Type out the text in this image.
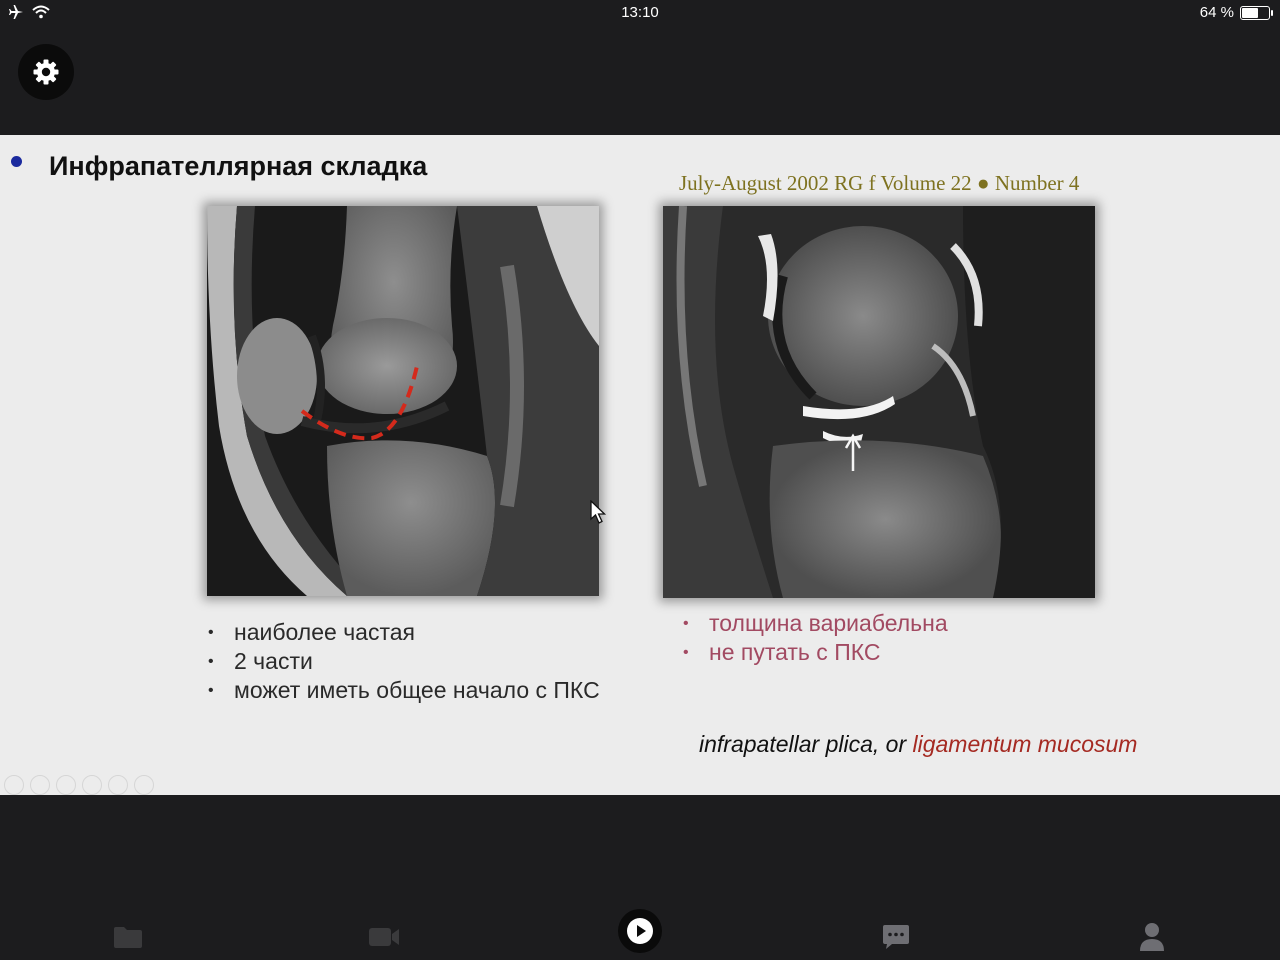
13:10	64 %
Инфрапателлярная складка
July-August 2002 RG f Volume 22 ● Number 4
• наиболее частая
• 2 части
• может иметь общее начало с ПКС
• толщина вариабельна
• не путать с ПКС
infrapatellar plica, or ligamentum mucosum
